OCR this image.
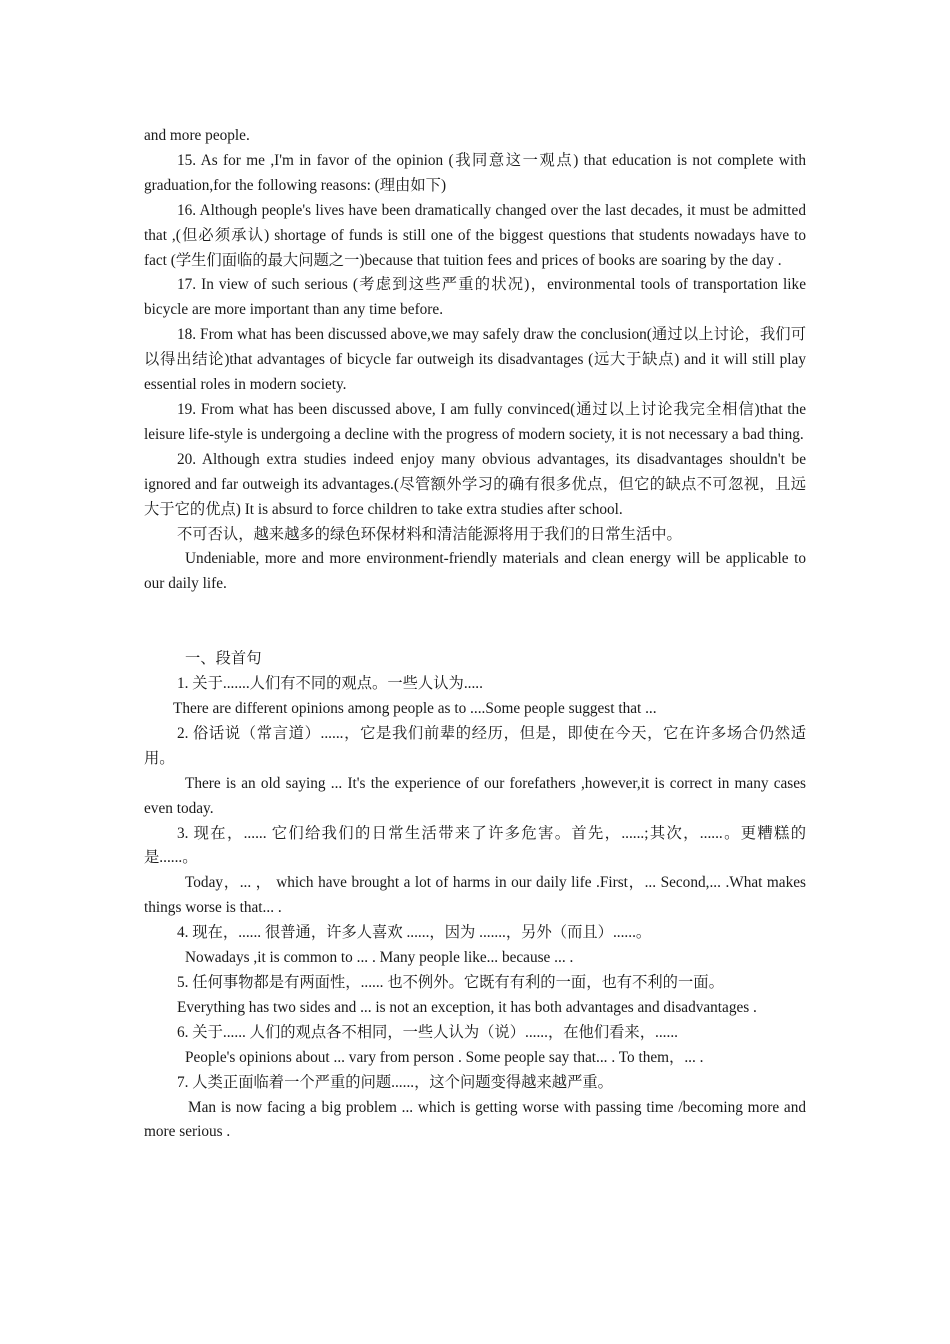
and more people.

15. As for me ,I'm in favor of the opinion (我同意这一观点) that education is not complete with graduation,for the following reasons: (理由如下)

16. Although people's lives have been dramatically changed over the last decades, it must be admitted that ,(但必须承认) shortage of funds is still one of the biggest questions that students nowadays have to fact (学生们面临的最大问题之一)because that tuition fees and prices of books are soaring by the day .

17. In view of such serious (考虑到这些严重的状况)，environmental tools of transportation like bicycle are more important than any time before.

18. From what has been discussed above,we may safely draw the conclusion(通过以上讨论，我们可以得出结论)that advantages of bicycle far outweigh its disadvantages (远大于缺点) and it will still play essential roles in modern society.

19. From what has been discussed above, I am fully convinced(通过以上讨论我完全相信)that the leisure life-style is undergoing a decline with the progress of modern society, it is not necessary a bad thing.

20. Although extra studies indeed enjoy many obvious advantages, its disadvantages shouldn't be ignored and far outweigh its advantages.(尽管额外学习的确有很多优点，但它的缺点不可忽视，且远大于它的优点) It is absurd to force children to take extra studies after school.

不可否认，越来越多的绿色环保材料和清洁能源将用于我们的日常生活中。

Undeniable, more and more environment-friendly materials and clean energy will be applicable to our daily life.

一、段首句

1. 关于.......人们有不同的观点。一些人认为.....

There are different opinions among people as to ....Some people suggest that ...

2. 俗话说（常言道）......，它是我们前辈的经历，但是，即使在今天，它在许多场合仍然适用。

There is an old saying ... It's the experience of our forefathers ,however,it is correct in many cases even today.

3. 现在，...... 它们给我们的日常生活带来了许多危害。首先，......;其次，......。更糟糕的是......。

Today，... ， which have brought a lot of harms in our daily life .First，... Second,... .What makes things worse is that... .

4. 现在，...... 很普通，许多人喜欢 ......，因为 .......，另外（而且）......。

Nowadays ,it is common to ... . Many people like... because ... .

5. 任何事物都是有两面性，...... 也不例外。它既有有利的一面，也有不利的一面。

Everything has two sides and ... is not an exception, it has both advantages and disadvantages .

6. 关于...... 人们的观点各不相同，一些人认为（说）......，在他们看来，......

People's opinions about ... vary from person . Some people say that... . To them，... .

7. 人类正面临着一个严重的问题......，这个问题变得越来越严重。

Man is now facing a big problem ... which is getting worse with passing time /becoming more and more serious .
